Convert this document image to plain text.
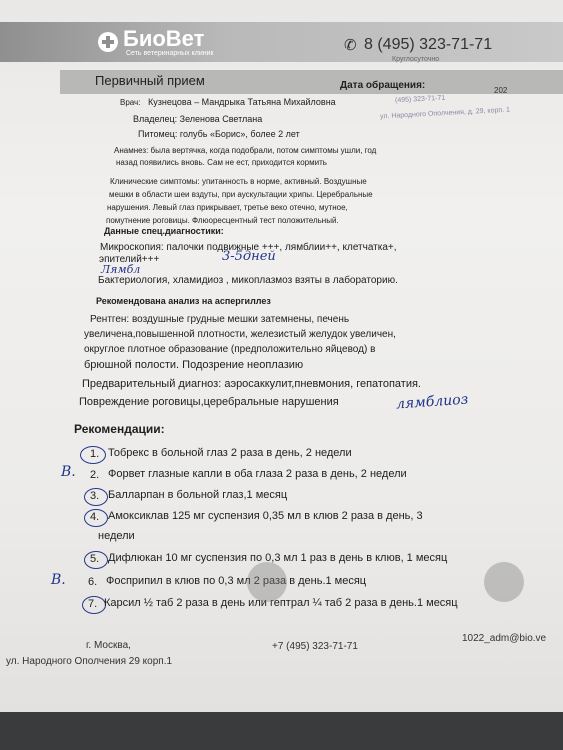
БиоВет
Сеть ветеринарных клиник	✆ 8 (495) 323-71-71
Круглосуточно
(495) 323-71-71
ул. Народного Ополчения, д. 29, корп. 1
Первичный прием	Дата обращения:	202
Врач: Кузнецова – Мандрыка Татьяна Михайловна
Владелец: Зеленова Светлана
Питомец: голубь «Борис», более 2 лет
Анамнез: была вертячка, когда подобрали, потом симптомы ушли, год
назад появились вновь. Сам не ест, приходится кормить
Клинические симптомы: упитанность в норме, активный. Воздушные
мешки в области шеи вздуты, при аускультации хрипы. Церебральные
нарушения. Левый глаз прикрывает, третье веко отечно, мутное,
помутнение роговицы. Флюоресцентный тест положительный.
Данные спец.диагностики:
Микроскопия: палочки подвижные +++, лямблии++, клетчатка+,
эпителий+++	3-5дней
Лямбл
Бактериология, хламидиоз , микоплазмоз взяты в лабораторию.
Рекомендована анализ на аспергиллез
Рентген: воздушные грудные мешки затемнены, печень
увеличена,повышенной плотности, железистый желудок увеличен,
округлое плотное образование (предположительно яйцевод) в
брюшной полости. Подозрение неоплазию
Предварительный диагноз: аэросаккулит,пневмония, гепатопатия.
Повреждение роговицы,церебральные нарушения	лямблиоз
Рекомендации:
1. Тобрекс в больной глаз 2 раза в день, 2 недели
В. 2. Форвет глазные капли в оба глаза 2 раза в день, 2 недели
3. Балларпан в больной глаз,1 месяц
4. Амоксиклав 125 мг суспензия 0,35 мл в клюв 2 раза в день, 3
недели
5. Дифлюкан 10 мг суспензия по 0,3 мл 1 раз в день в клюв, 1 месяц
В. 6. Фосприпил в клюв по 0,3 мл 2 раза в день.1 месяц
7. Карсил ½ таб 2 раза в день или гептрал ¼ таб 2 раза в день.1 месяц
г. Москва,	+7 (495) 323-71-71
1022_adm@bio.ve
ул. Народного Ополчения 29 корп.1
